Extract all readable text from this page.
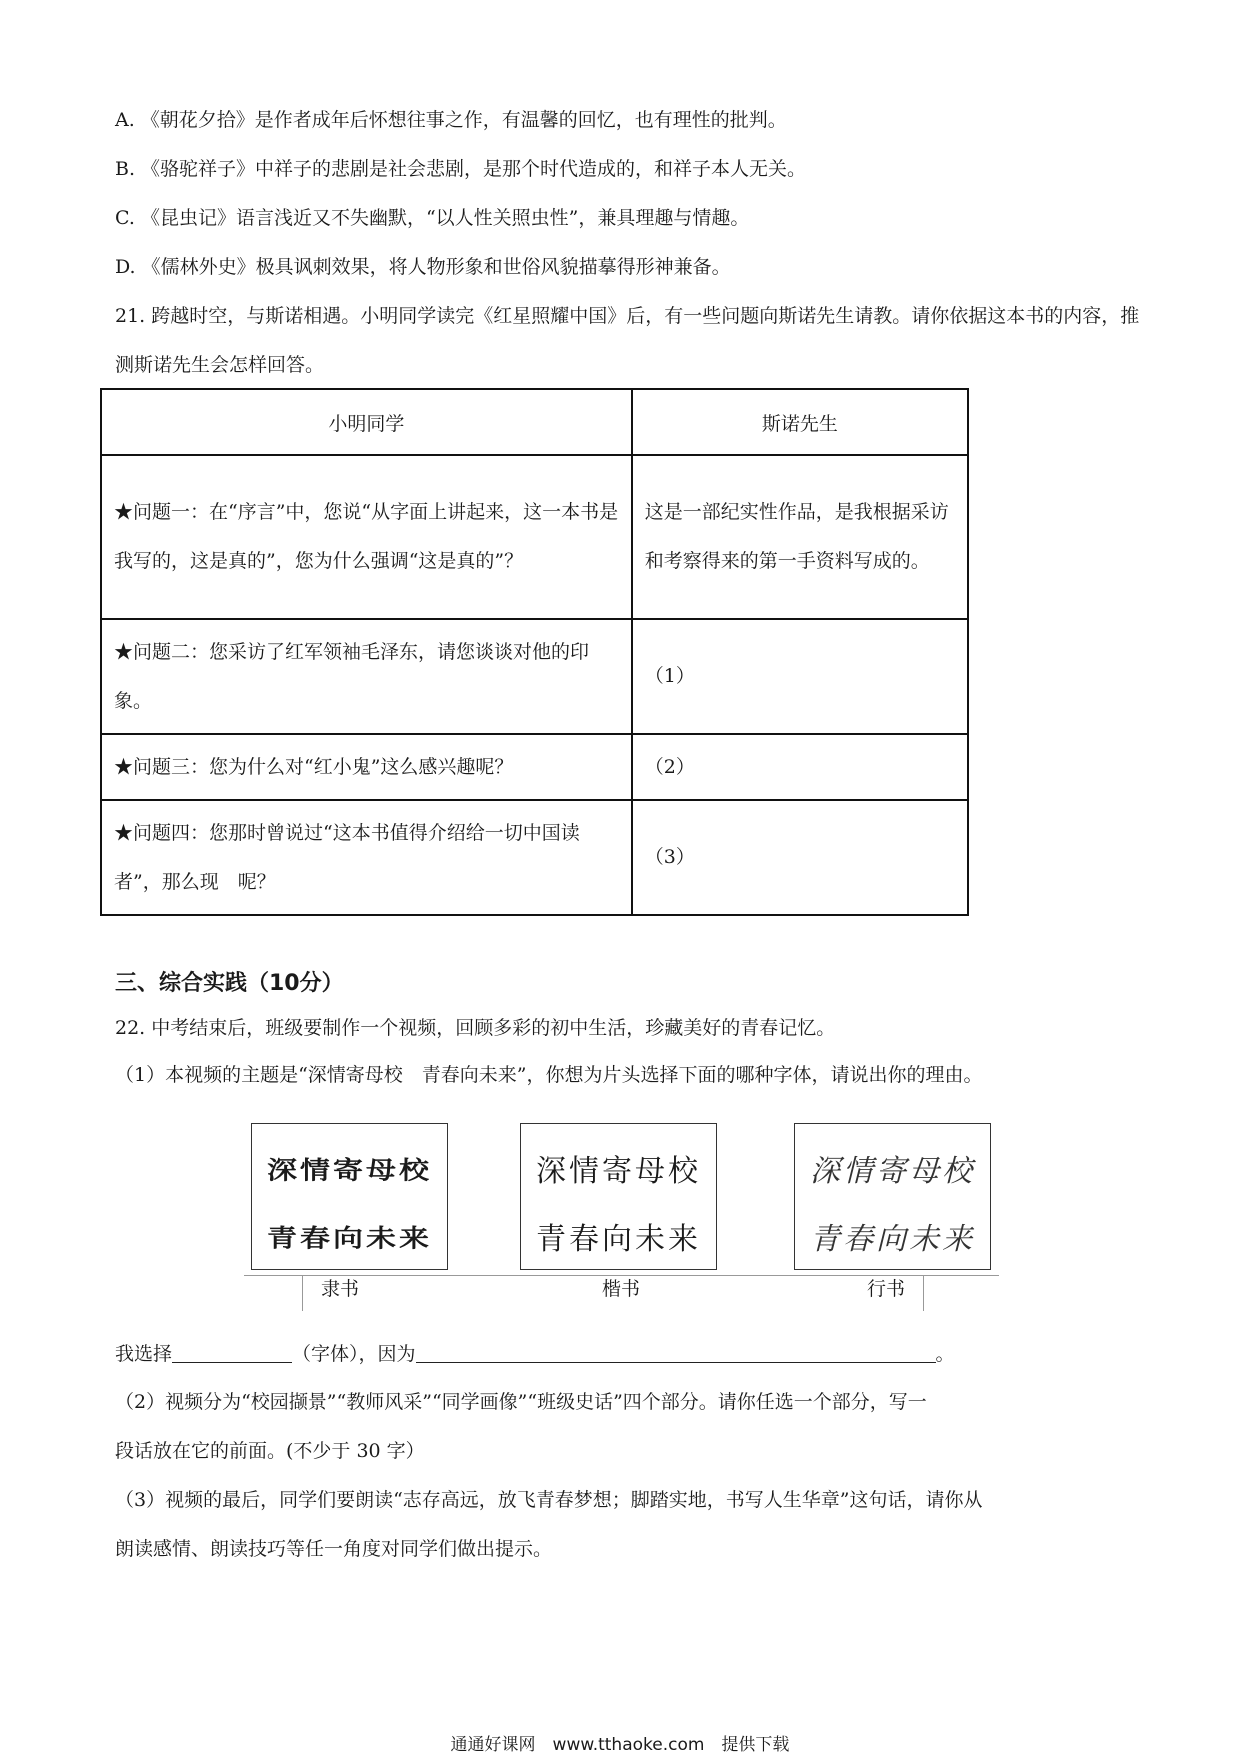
A. 《朝花夕拾》是作者成年后怀想往事之作，有温馨的回忆，也有理性的批判。
B. 《骆驼祥子》中祥子的悲剧是社会悲剧，是那个时代造成的，和祥子本人无关。
C. 《昆虫记》语言浅近又不失幽默，“以人性关照虫性”，兼具理趣与情趣。
D. 《儒林外史》极具讽刺效果，将人物形象和世俗风貌描摹得形神兼备。
21. 跨越时空，与斯诺相遇。小明同学读完《红星照耀中国》后，有一些问题向斯诺先生请教。请你依据这本书的内容，推测斯诺先生会怎样回答。
小明同学	斯诺先生
★问题一：在“序言”中，您说“从字面上讲起来，这一本书是我写的，这是真的”，您为什么强调“这是真的”？	这是一部纪实性作品，是我根据采访和考察得来的第一手资料写成的。
★问题二：您采访了红军领袖毛泽东，请您谈谈对他的印象。	（1）
★问题三：您为什么对“红小鬼”这么感兴趣呢？	（2）
★问题四：您那时曾说过“这本书值得介绍给一切中国读者”，那么现　呢？	（3）
三、综合实践（10分）
22. 中考结束后，班级要制作一个视频，回顾多彩的初中生活，珍藏美好的青春记忆。
（1）本视频的主题是“深情寄母校　青春向未来”，你想为片头选择下面的哪种字体，请说出你的理由。
深情寄母校
青春向未来
深情寄母校
青春向未来
深情寄母校
青春向未来
隶书	楷书	行书
我选择	（字体），因为	。
（2）视频分为“校园撷景”“教师风采”“同学画像”“班级史话”四个部分。请你任选一个部分，写一
段话放在它的前面。(不少于 30 字）
（3）视频的最后，同学们要朗读“志存高远，放飞青春梦想；脚踏实地，书写人生华章”这句话，请你从
朗读感情、朗读技巧等任一角度对同学们做出提示。
通通好课网　www.tthaoke.com　提供下载
